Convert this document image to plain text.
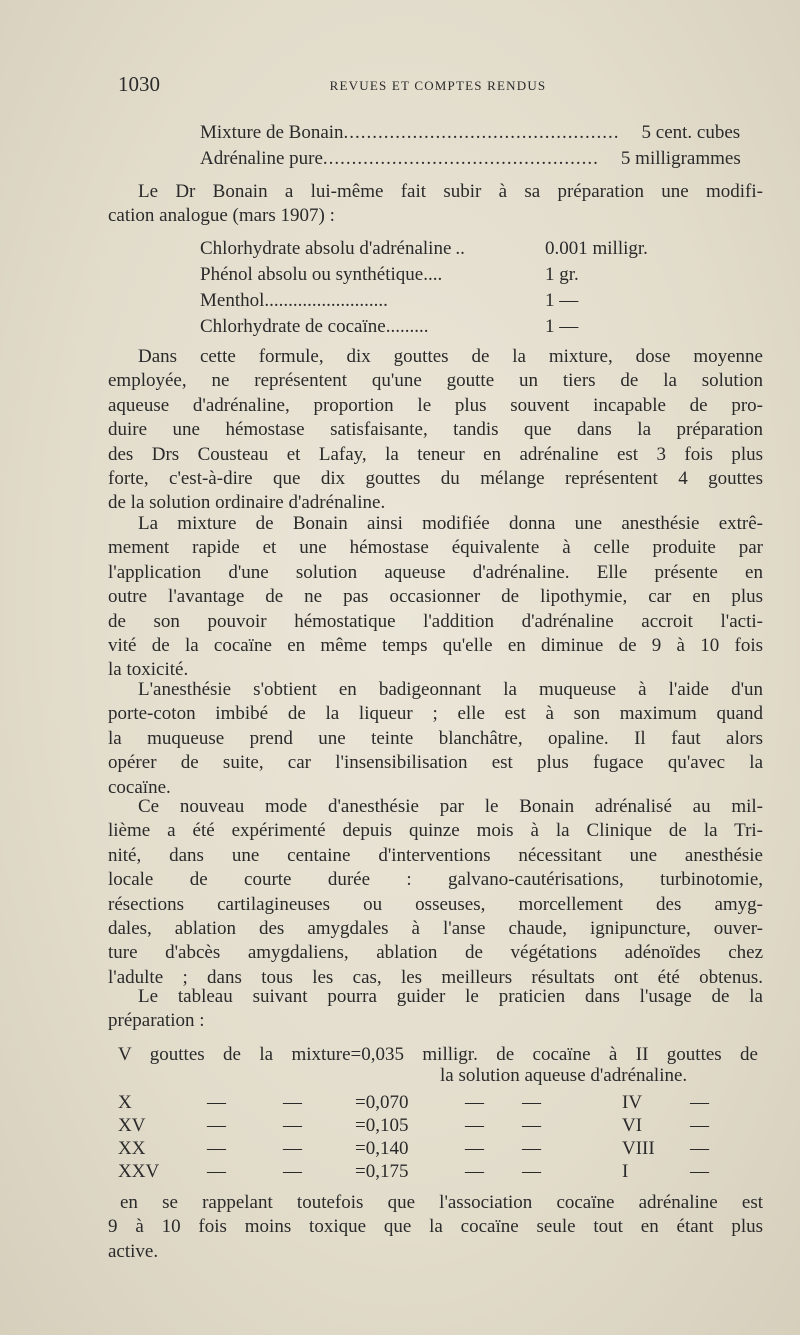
1030	REVUES ET COMPTES RENDUS
Mixture de Bonain ................................................	5 cent. cubes
Adrénaline pure ................................................	5 milligrammes
Le Dr Bonain a lui-même fait subir à sa préparation une modifi-
cation analogue (mars 1907) :
Chlorhydrate absolu d'adrénaline ..	0.001 milligr.
Phénol absolu ou synthétique ....	1 gr.
Menthol ..........................	1 —
Chlorhydrate de cocaïne .........	1 —
Dans cette formule, dix gouttes de la mixture, dose moyenne
employée, ne représentent qu'une goutte un tiers de la solution
aqueuse d'adrénaline, proportion le plus souvent incapable de pro-
duire une hémostase satisfaisante, tandis que dans la préparation
des Drs Cousteau et Lafay, la teneur en adrénaline est 3 fois plus
forte, c'est-à-dire que dix gouttes du mélange représentent 4 gouttes
de la solution ordinaire d'adrénaline.
La mixture de Bonain ainsi modifiée donna une anesthésie extrê-
mement rapide et une hémostase équivalente à celle produite par
l'application d'une solution aqueuse d'adrénaline. Elle présente en
outre l'avantage de ne pas occasionner de lipothymie, car en plus
de son pouvoir hémostatique l'addition d'adrénaline accroit l'acti-
vité de la cocaïne en même temps qu'elle en diminue de 9 à 10 fois
la toxicité.
L'anesthésie s'obtient en badigeonnant la muqueuse à l'aide d'un
porte-coton imbibé de la liqueur ; elle est à son maximum quand
la muqueuse prend une teinte blanchâtre, opaline. Il faut alors
opérer de suite, car l'insensibilisation est plus fugace qu'avec la
cocaïne.
Ce nouveau mode d'anesthésie par le Bonain adrénalisé au mil-
lième a été expérimenté depuis quinze mois à la Clinique de la Tri-
nité, dans une centaine d'interventions nécessitant une anesthésie
locale de courte durée : galvano-cautérisations, turbinotomie,
résections cartilagineuses ou osseuses, morcellement des amyg-
dales, ablation des amygdales à l'anse chaude, ignipuncture, ouver-
ture d'abcès amygdaliens, ablation de végétations adénoïdes chez
l'adulte ; dans tous les cas, les meilleurs résultats ont été obtenus.
Le tableau suivant pourra guider le praticien dans l'usage de la
préparation :
V gouttes de la mixture=0,035 milligr. de cocaïne à II gouttes de
la solution aqueuse d'adrénaline.
X	—	—	=0,070	— —	IV	—
XV	—	—	=0,105	— —	VI	—
XX	—	—	=0,140	— —	VIII —
XXV	—	—	=0,175	— —	I	—
en se rappelant toutefois que l'association cocaïne adrénaline est
9 à 10 fois moins toxique que la cocaïne seule tout en étant plus
active.
